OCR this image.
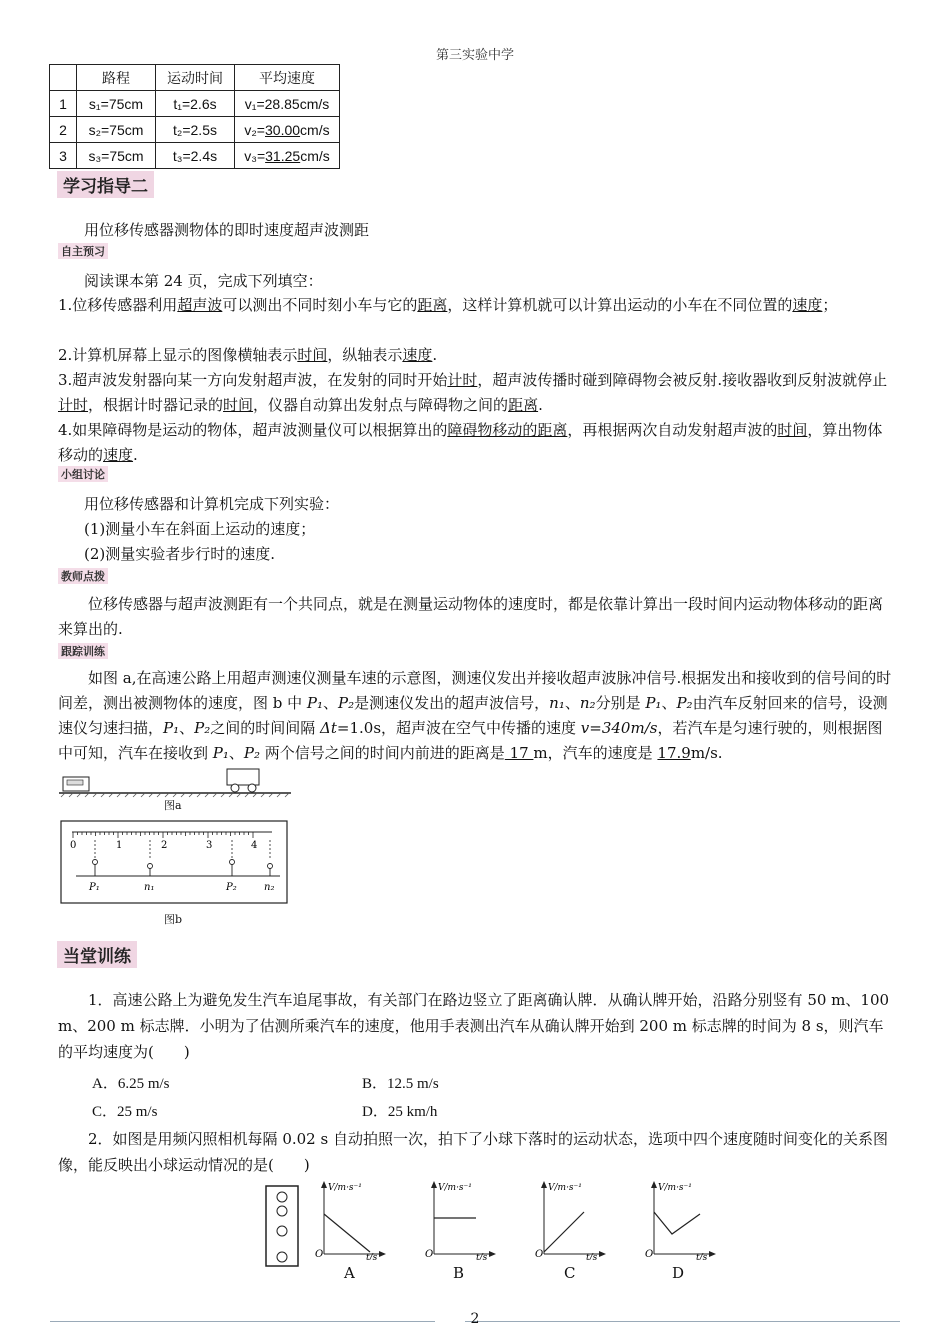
第三实验中学
	路程	运动时间	平均速度
1	s₁=75cm	t₁=2.6s	v₁=28.85cm/s
2	s₂=75cm	t₂=2.5s	v₂=30.00cm/s
3	s₃=75cm	t₃=2.4s	v₃=31.25cm/s
学习指导二
用位移传感器测物体的即时速度超声波测距
自主预习
阅读课本第 24 页，完成下列填空：
1.位移传感器利用超声波可以测出不同时刻小车与它的距离，这样计算机就可以计算出运动的小车在不同位置的速度；
2.计算机屏幕上显示的图像横轴表示时间，纵轴表示速度.
3.超声波发射器向某一方向发射超声波，在发射的同时开始计时，超声波传播时碰到障碍物会被反射.接收器收到反射波就停止计时，根据计时器记录的时间，仪器自动算出发射点与障碍物之间的距离.
4.如果障碍物是运动的物体，超声波测量仪可以根据算出的障碍物移动的距离，再根据两次自动发射超声波的时间，算出物体移动的速度.
小组讨论
用位移传感器和计算机完成下列实验：
(1)测量小车在斜面上运动的速度；
(2)测量实验者步行时的速度.
教师点拨
位移传感器与超声波测距有一个共同点，就是在测量运动物体的速度时，都是依靠计算出一段时间内运动物体移动的距离来算出的.
跟踪训练
如图 a,在高速公路上用超声测速仪测量车速的示意图，测速仪发出并接收超声波脉冲信号.根据发出和接收到的信号间的时间差，测出被测物体的速度，图 b 中 P₁、P₂是测速仪发出的超声波信号，n₁、n₂分别是 P₁、P₂由汽车反射回来的信号，设测速仪匀速扫描，P₁、P₂之间的时间间隔 Δt=1.0s，超声波在空气中传播的速度 v=340m/s，若汽车是匀速行驶的，则根据图中可知，汽车在接收到 P₁、P₂ 两个信号之间的时间内前进的距离是 17 m，汽车的速度是 17.9m/s.
图a
0	1	2	3	4
P₁	n₁	P₂	n₂
图b
当堂训练
1．高速公路上为避免发生汽车追尾事故，有关部门在路边竖立了距离确认牌．从确认牌开始，沿路分别竖有 50 m、100 m、200 m 标志牌．小明为了估测所乘汽车的速度，他用手表测出汽车从确认牌开始到 200 m 标志牌的时间为 8 s，则汽车的平均速度为(　　)
A．6.25 m/s	B．12.5 m/s
C．25 m/s	D．25 km/h
2．如图是用频闪照相机每隔 0.02 s 自动拍照一次，拍下了小球下落时的运动状态，选项中四个速度随时间变化的关系图像，能反映出小球运动情况的是(　　)
V/m·s⁻¹
O	t/s
A
V/m·s⁻¹
O	t/s
B
V/m·s⁻¹
O	t/s
C
V/m·s⁻¹
O	t/s
D
2
